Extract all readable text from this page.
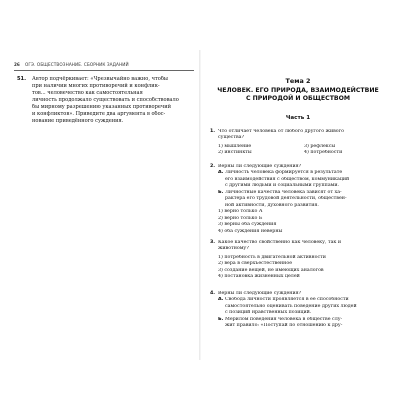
26 ОГЭ. ОБЩЕСТВОЗНАНИЕ. СБОРНИК ЗАДАНИЙ
51. Автор подчёркивает: «Чрезвычайно важно, чтобы
при наличии многих противоречий и конфлик-
тов... человечество как самостоятельная
личность продолжало существовать и способствовало
бы мирному разрешению указанных противоречий
и конфликтов». Приведите два аргумента в обос-
нование приведённого суждения.
Тема 2
ЧЕЛОВЕК. ЕГО ПРИРОДА, ВЗАИМОДЕЙСТВИЕ
С ПРИРОДОЙ И ОБЩЕСТВОМ
Часть 1
1. Что отличает человека от любого другого живого
существа?
1) мышление
2) инстинкты
3) рефлексы
4) потребности
2. Верны ли следующие суждения?
А. Личность человека формируется в результате
его взаимодействия с обществом, коммуникаций
с другими людьми и социальными группами.
Б. Личностные качества человека зависят от ха-
рактера его трудовой деятельности, обществен-
ной активности, духовного развития.
1) верно только А
2) верно только Б
3) верны оба суждения
4) оба суждения неверны
3. Какое качество свойственно как человеку, так и
животному?
1) потребность в двигательной активности
2) вера в сверхъестественное
3) создание вещей, не имеющих аналогов
4) постановка жизненных целей
4. Верны ли следующие суждения?
А. Свобода личности проявляется в её способности
самостоятельно оценивать поведение других людей
с позиций нравственных позиций.
Б. Мерилом поведения человека в обществе слу-
жит правило: «Поступай по отношению к дру-
